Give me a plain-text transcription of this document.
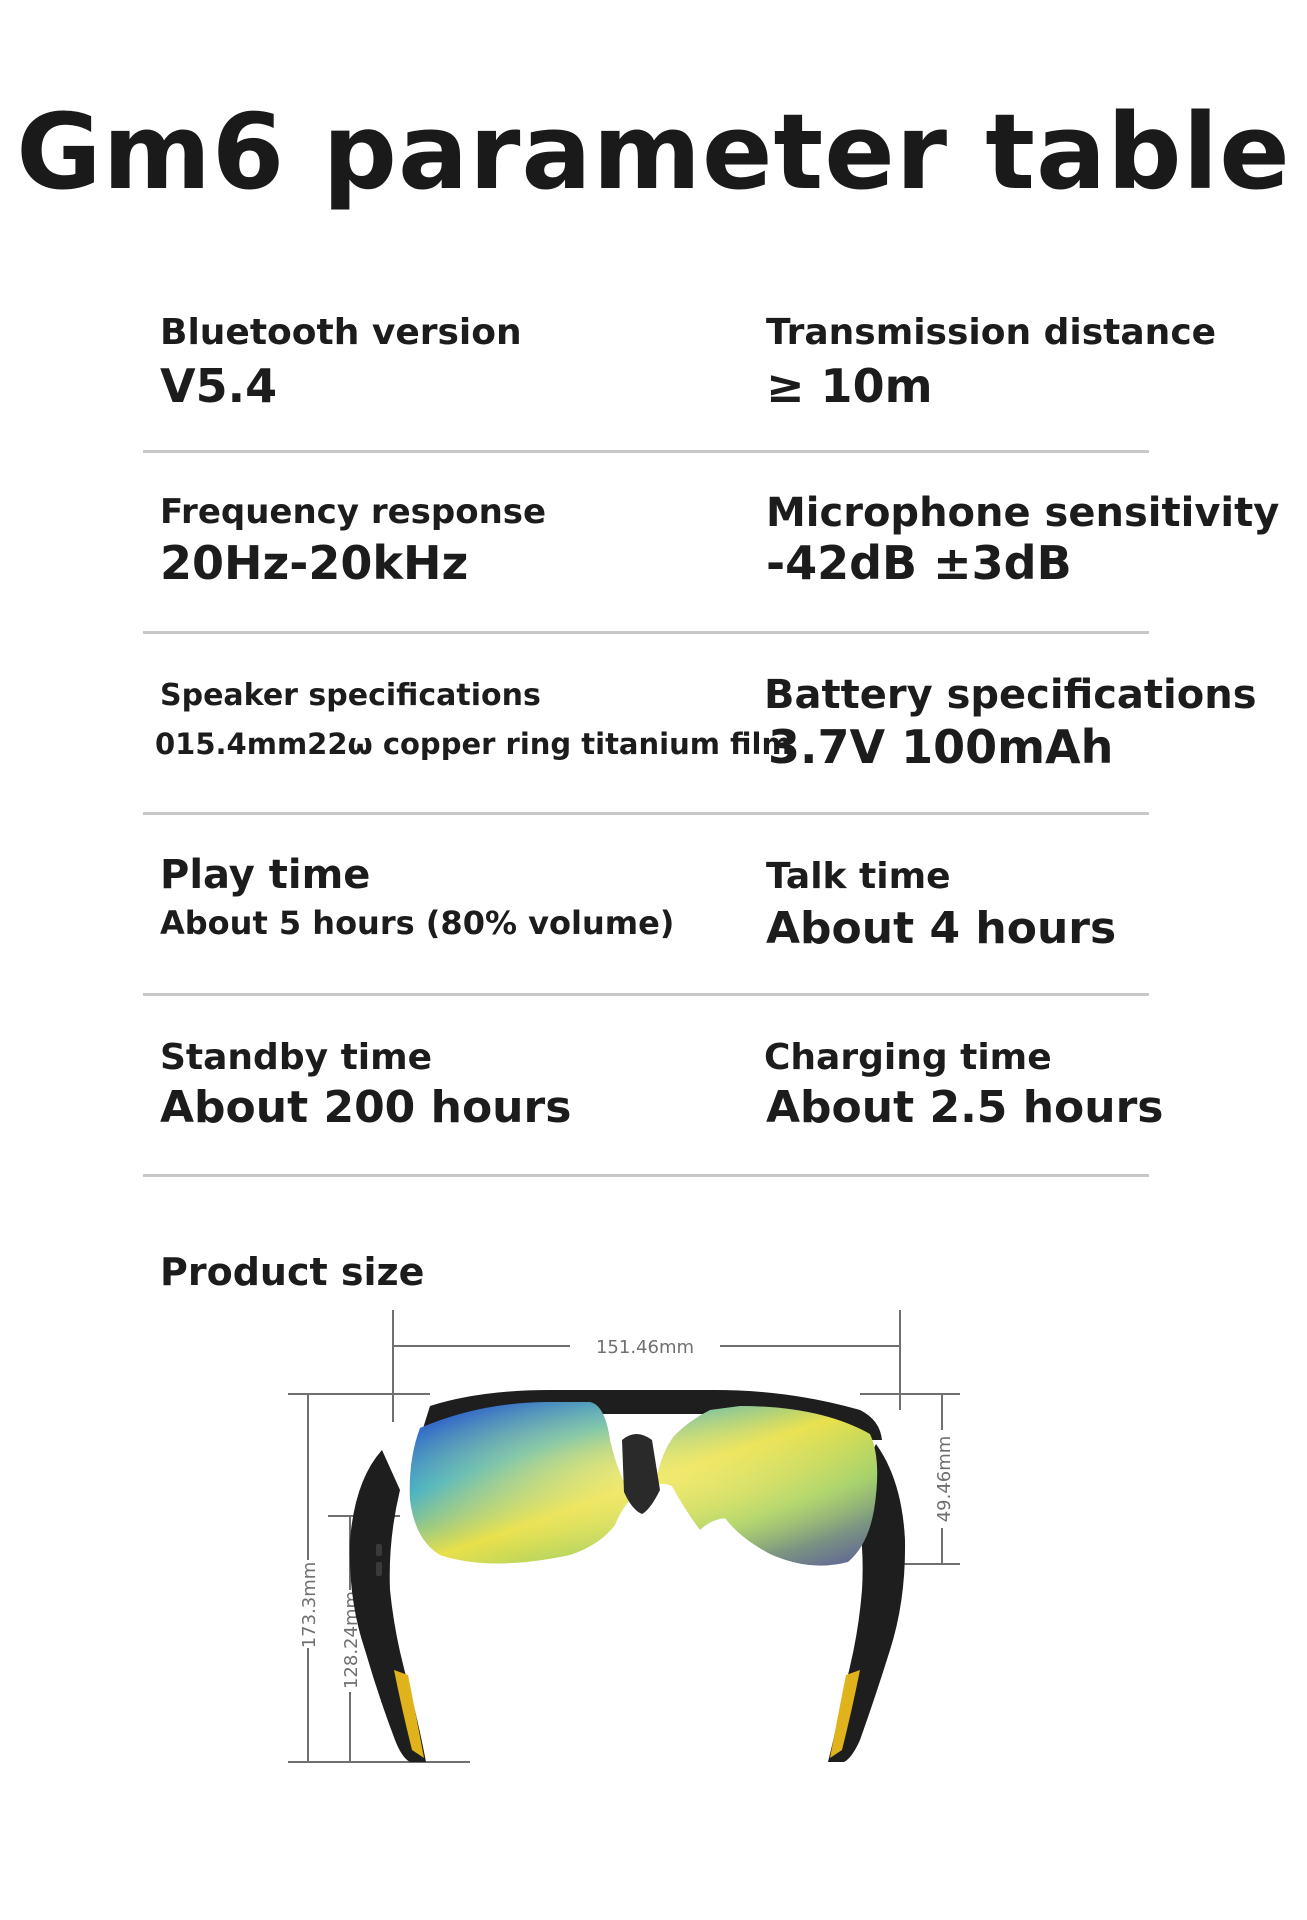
Gm6 parameter table
Bluetooth version
V5.4
Transmission distance
≥ 10m
Frequency response
20Hz-20kHz
Microphone sensitivity
-42dB ±3dB
Speaker specifications
015.4mm22ω copper ring titanium film
Battery specifications
3.7V 100mAh
Play time
About 5 hours (80% volume)
Talk time
About 4 hours
Standby time
About 200 hours
Charging time
About 2.5 hours
Product size
151.46mm
173.3mm 128.24mm
49.46mm
